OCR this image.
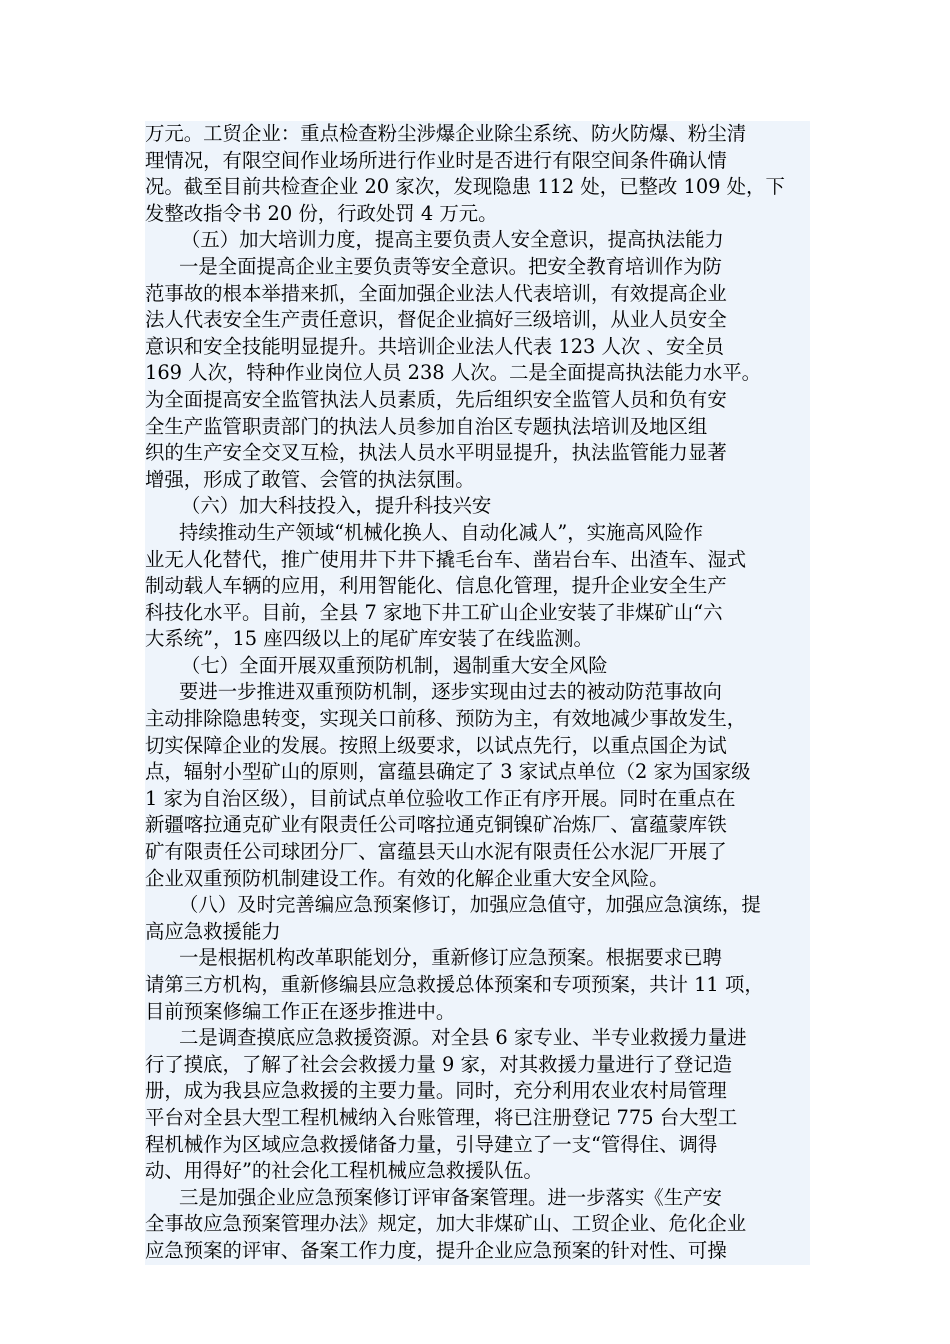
万元。工贸企业：重点检查粉尘涉爆企业除尘系统、防火防爆、粉尘清
理情况，有限空间作业场所进行作业时是否进行有限空间条件确认情
况。截至目前共检查企业 20 家次，发现隐患 112 处，已整改 109 处，下
发整改指令书 20 份，行政处罚 4 万元。
（五）加大培训力度，提高主要负责人安全意识，提高执法能力
一是全面提高企业主要负责等安全意识。把安全教育培训作为防
范事故的根本举措来抓，全面加强企业法人代表培训，有效提高企业
法人代表安全生产责任意识，督促企业搞好三级培训，从业人员安全
意识和安全技能明显提升。共培训企业法人代表 123 人次 、安全员
169 人次，特种作业岗位人员 238 人次。二是全面提高执法能力水平。
为全面提高安全监管执法人员素质，先后组织安全监管人员和负有安
全生产监管职责部门的执法人员参加自治区专题执法培训及地区组
织的生产安全交叉互检，执法人员水平明显提升，执法监管能力显著
增强，形成了敢管、会管的执法氛围。
（六）加大科技投入，提升科技兴安
持续推动生产领域“机械化换人、自动化减人”，实施高风险作
业无人化替代，推广使用井下井下撬毛台车、凿岩台车、出渣车、湿式
制动载人车辆的应用，利用智能化、信息化管理，提升企业安全生产
科技化水平。目前，全县 7 家地下井工矿山企业安装了非煤矿山“六
大系统”，15 座四级以上的尾矿库安装了在线监测。
（七）全面开展双重预防机制，遏制重大安全风险
要进一步推进双重预防机制，逐步实现由过去的被动防范事故向
主动排除隐患转变，实现关口前移、预防为主，有效地减少事故发生，
切实保障企业的发展。按照上级要求，以试点先行，以重点国企为试
点，辐射小型矿山的原则，富蕴县确定了 3 家试点单位（2 家为国家级
1 家为自治区级），目前试点单位验收工作正有序开展。同时在重点在
新疆喀拉通克矿业有限责任公司喀拉通克铜镍矿冶炼厂、富蕴蒙库铁
矿有限责任公司球团分厂、富蕴县天山水泥有限责任公水泥厂开展了
企业双重预防机制建设工作。有效的化解企业重大安全风险。
（八）及时完善编应急预案修订，加强应急值守，加强应急演练，提
高应急救援能力
一是根据机构改革职能划分，重新修订应急预案。根据要求已聘
请第三方机构，重新修编县应急救援总体预案和专项预案，共计 11 项，
目前预案修编工作正在逐步推进中。
二是调查摸底应急救援资源。对全县 6 家专业、半专业救援力量进
行了摸底，了解了社会会救援力量 9 家，对其救援力量进行了登记造
册，成为我县应急救援的主要力量。同时，充分利用农业农村局管理
平台对全县大型工程机械纳入台账管理，将已注册登记 775 台大型工
程机械作为区域应急救援储备力量，引导建立了一支“管得住、调得
动、用得好”的社会化工程机械应急救援队伍。
三是加强企业应急预案修订评审备案管理。进一步落实《生产安
全事故应急预案管理办法》规定，加大非煤矿山、工贸企业、危化企业
应急预案的评审、备案工作力度，提升企业应急预案的针对性、可操
